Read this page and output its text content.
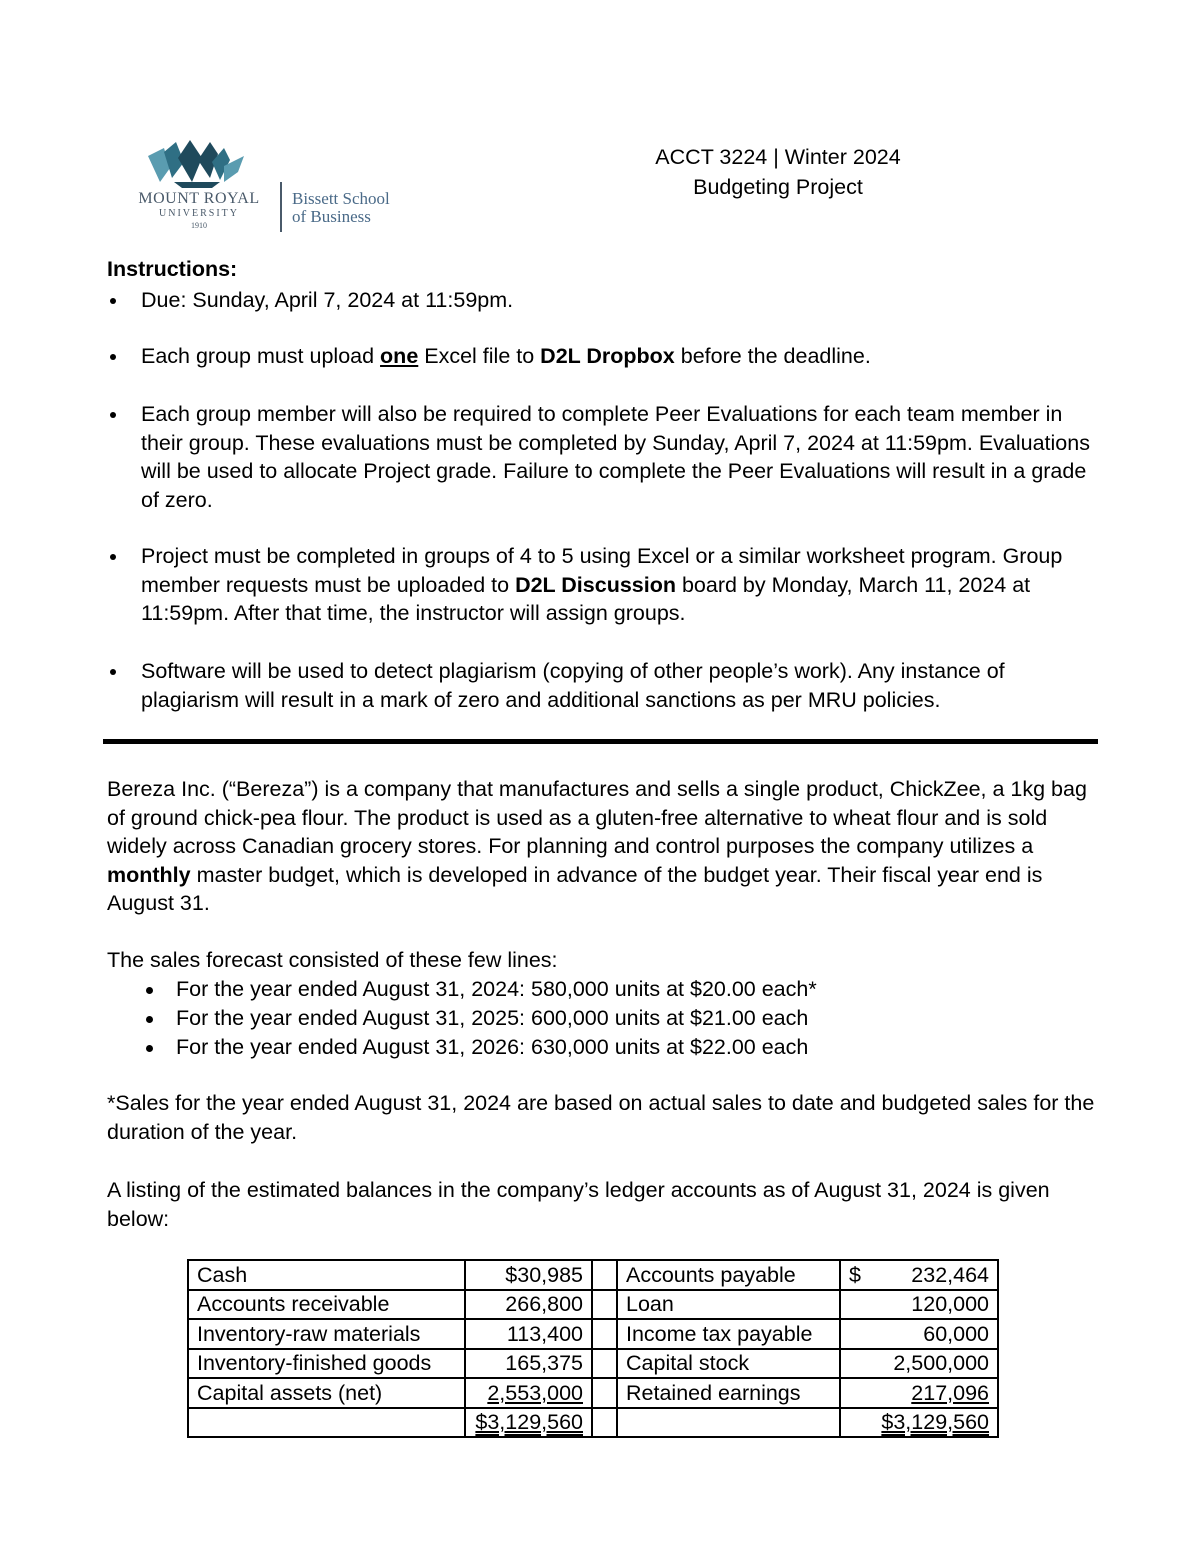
MOUNT ROYAL
UNIVERSITY
1910
Bissett School
of Business
ACCT 3224 | Winter 2024
Budgeting Project
Instructions:
Due: Sunday, April 7, 2024 at 11:59pm.
Each group must upload one Excel file to D2L Dropbox before the deadline.
Each group member will also be required to complete Peer Evaluations for each team member in their group. These evaluations must be completed by Sunday, April 7, 2024 at 11:59pm. Evaluations will be used to allocate Project grade. Failure to complete the Peer Evaluations will result in a grade of zero.
Project must be completed in groups of 4 to 5 using Excel or a similar worksheet program. Group member requests must be uploaded to D2L Discussion board by Monday, March 11, 2024 at 11:59pm. After that time, the instructor will assign groups.
Software will be used to detect plagiarism (copying of other people’s work). Any instance of plagiarism will result in a mark of zero and additional sanctions as per MRU policies.

Bereza Inc. (“Bereza”) is a company that manufactures and sells a single product, ChickZee, a 1kg bag of ground chick-pea flour. The product is used as a gluten-free alternative to wheat flour and is sold widely across Canadian grocery stores. For planning and control purposes the company utilizes a monthly master budget, which is developed in advance of the budget year. Their fiscal year end is August 31.

The sales forecast consisted of these few lines:

For the year ended August 31, 2024: 580,000 units at $20.00 each*
For the year ended August 31, 2025: 600,000 units at $21.00 each
For the year ended August 31, 2026: 630,000 units at $22.00 each

*Sales for the year ended August 31, 2024 are based on actual sales to date and budgeted sales for the duration of the year.

A listing of the estimated balances in the company’s ledger accounts as of August 31, 2024 is given below:

Cash	$30,985		Accounts payable	$ 232,464

Accounts receivable	266,800		Loan	120,000
Inventory-raw materials	113,400		Income tax payable	60,000
Inventory-finished goods	165,375		Capital stock	2,500,000
Capital assets (net)	2,553,000		Retained earnings	217,096
	$3,129,560			$3,129,560
